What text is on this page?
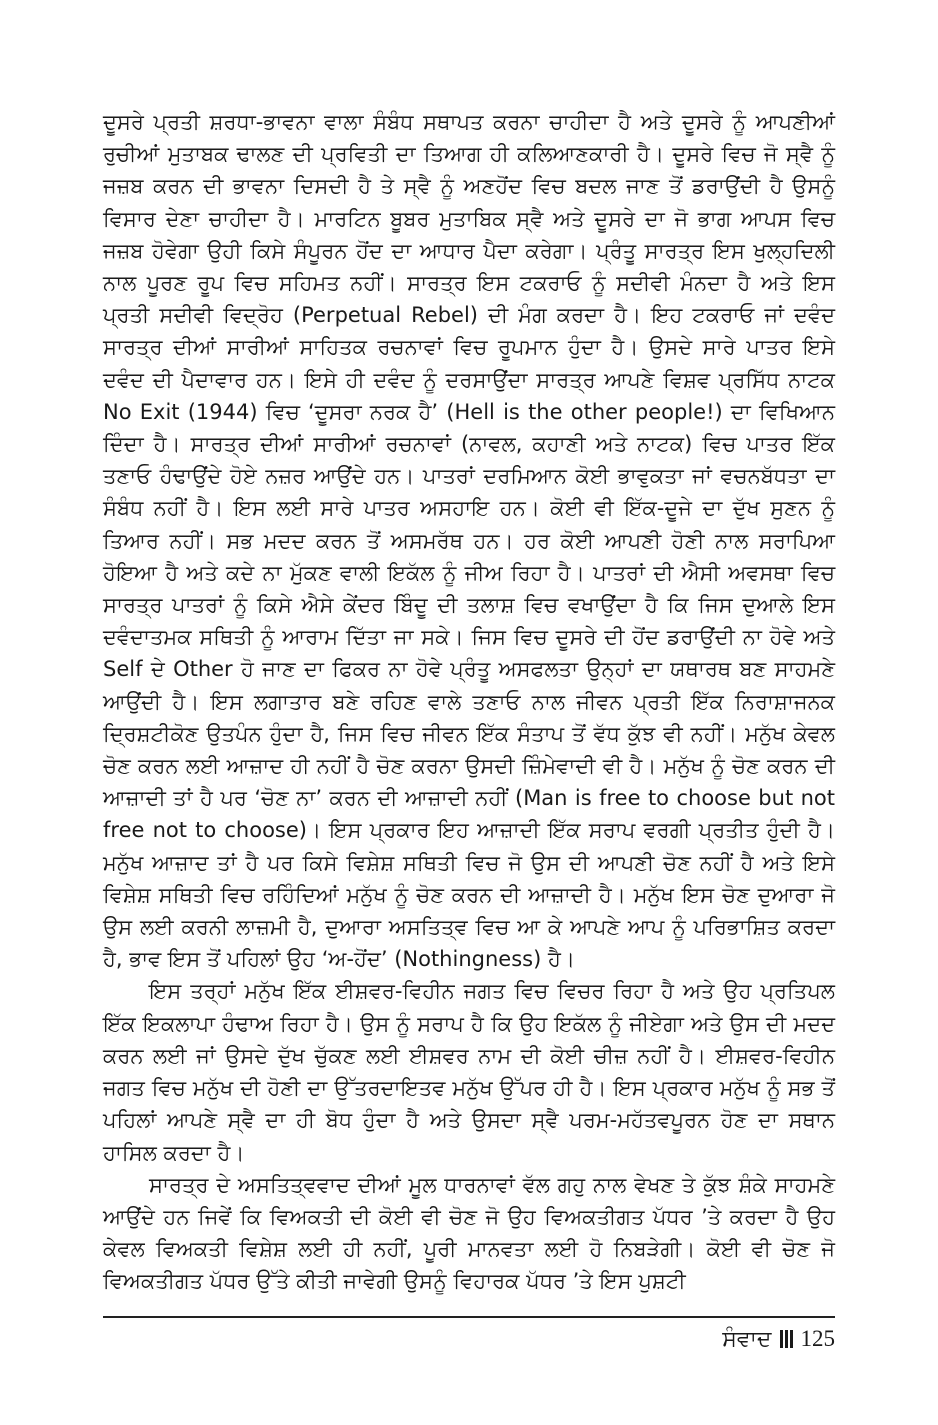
ਦੂਸਰੇ ਪ੍ਰਤੀ ਸ਼ਰਧਾ-ਭਾਵਨਾ ਵਾਲਾ ਸੰਬੰਧ ਸਥਾਪਤ ਕਰਨਾ ਚਾਹੀਦਾ ਹੈ ਅਤੇ ਦੂਸਰੇ ਨੂੰ ਆਪਣੀਆਂ ਰੁਚੀਆਂ ਮੁਤਾਬਕ ਢਾਲਣ ਦੀ ਪ੍ਰਵਿਤੀ ਦਾ ਤਿਆਗ ਹੀ ਕਲਿਆਣਕਾਰੀ ਹੈ। ਦੂਸਰੇ ਵਿਚ ਜੋ ਸ੍ਵੈ ਨੂੰ ਜਜ਼ਬ ਕਰਨ ਦੀ ਭਾਵਨਾ ਦਿਸਦੀ ਹੈ ਤੇ ਸ੍ਵੈ ਨੂੰ ਅਣਹੋਂਦ ਵਿਚ ਬਦਲ ਜਾਣ ਤੋਂ ਡਰਾਉਂਦੀ ਹੈ ਉਸਨੂੰ ਵਿਸਾਰ ਦੇਣਾ ਚਾਹੀਦਾ ਹੈ। ਮਾਰਟਿਨ ਬੂਬਰ ਮੁਤਾਬਿਕ ਸ੍ਵੈ ਅਤੇ ਦੂਸਰੇ ਦਾ ਜੋ ਭਾਗ ਆਪਸ ਵਿਚ ਜਜ਼ਬ ਹੋਵੇਗਾ ਉਹੀ ਕਿਸੇ ਸੰਪੂਰਨ ਹੋਂਦ ਦਾ ਆਧਾਰ ਪੈਦਾ ਕਰੇਗਾ। ਪ੍ਰੰਤੂ ਸਾਰਤ੍ਰ ਇਸ ਖੁਲ੍ਹਦਿਲੀ ਨਾਲ ਪੂਰਣ ਰੂਪ ਵਿਚ ਸਹਿਮਤ ਨਹੀਂ। ਸਾਰਤ੍ਰ ਇਸ ਟਕਰਾਓ ਨੂੰ ਸਦੀਵੀ ਮੰਨਦਾ ਹੈ ਅਤੇ ਇਸ ਪ੍ਰਤੀ ਸਦੀਵੀ ਵਿਦ੍ਰੋਹ (Perpetual Rebel) ਦੀ ਮੰਗ ਕਰਦਾ ਹੈ। ਇਹ ਟਕਰਾਓ ਜਾਂ ਦਵੰਦ ਸਾਰਤ੍ਰ ਦੀਆਂ ਸਾਰੀਆਂ ਸਾਹਿਤਕ ਰਚਨਾਵਾਂ ਵਿਚ ਰੂਪਮਾਨ ਹੁੰਦਾ ਹੈ। ਉਸਦੇ ਸਾਰੇ ਪਾਤਰ ਇਸੇ ਦਵੰਦ ਦੀ ਪੈਦਾਵਾਰ ਹਨ। ਇਸੇ ਹੀ ਦਵੰਦ ਨੂੰ ਦਰਸਾਉਂਦਾ ਸਾਰਤ੍ਰ ਆਪਣੇ ਵਿਸ਼ਵ ਪ੍ਰਸਿੱਧ ਨਾਟਕ No Exit (1944) ਵਿਚ ‘ਦੂਸਰਾ ਨਰਕ ਹੈ’ (Hell is the other people!) ਦਾ ਵਿਖਿਆਨ ਦਿੰਦਾ ਹੈ। ਸਾਰਤ੍ਰ ਦੀਆਂ ਸਾਰੀਆਂ ਰਚਨਾਵਾਂ (ਨਾਵਲ, ਕਹਾਣੀ ਅਤੇ ਨਾਟਕ) ਵਿਚ ਪਾਤਰ ਇੱਕ ਤਣਾਓ ਹੰਢਾਉਂਦੇ ਹੋਏ ਨਜ਼ਰ ਆਉਂਦੇ ਹਨ। ਪਾਤਰਾਂ ਦਰਮਿਆਨ ਕੋਈ ਭਾਵੁਕਤਾ ਜਾਂ ਵਚਨਬੱਧਤਾ ਦਾ ਸੰਬੰਧ ਨਹੀਂ ਹੈ। ਇਸ ਲਈ ਸਾਰੇ ਪਾਤਰ ਅਸਹਾਇ ਹਨ। ਕੋਈ ਵੀ ਇੱਕ-ਦੂਜੇ ਦਾ ਦੁੱਖ ਸੁਣਨ ਨੂੰ ਤਿਆਰ ਨਹੀਂ। ਸਭ ਮਦਦ ਕਰਨ ਤੋਂ ਅਸਮਰੱਥ ਹਨ। ਹਰ ਕੋਈ ਆਪਣੀ ਹੋਣੀ ਨਾਲ ਸਰਾਪਿਆ ਹੋਇਆ ਹੈ ਅਤੇ ਕਦੇ ਨਾ ਮੁੱਕਣ ਵਾਲੀ ਇਕੱਲ ਨੂੰ ਜੀਅ ਰਿਹਾ ਹੈ। ਪਾਤਰਾਂ ਦੀ ਐਸੀ ਅਵਸਥਾ ਵਿਚ ਸਾਰਤ੍ਰ ਪਾਤਰਾਂ ਨੂੰ ਕਿਸੇ ਐਸੇ ਕੇਂਦਰ ਬਿੰਦੂ ਦੀ ਤਲਾਸ਼ ਵਿਚ ਵਖਾਉਂਦਾ ਹੈ ਕਿ ਜਿਸ ਦੁਆਲੇ ਇਸ ਦਵੰਦਾਤਮਕ ਸਥਿਤੀ ਨੂੰ ਆਰਾਮ ਦਿੱਤਾ ਜਾ ਸਕੇ। ਜਿਸ ਵਿਚ ਦੂਸਰੇ ਦੀ ਹੋਂਦ ਡਰਾਉਂਦੀ ਨਾ ਹੋਵੇ ਅਤੇ Self ਦੇ Other ਹੋ ਜਾਣ ਦਾ ਫਿਕਰ ਨਾ ਹੋਵੇ ਪ੍ਰੰਤੂ ਅਸਫਲਤਾ ਉਨ੍ਹਾਂ ਦਾ ਯਥਾਰਥ ਬਣ ਸਾਹਮਣੇ ਆਉਂਦੀ ਹੈ। ਇਸ ਲਗਾਤਾਰ ਬਣੇ ਰਹਿਣ ਵਾਲੇ ਤਣਾਓ ਨਾਲ ਜੀਵਨ ਪ੍ਰਤੀ ਇੱਕ ਨਿਰਾਸ਼ਾਜਨਕ ਦ੍ਰਿਸ਼ਟੀਕੋਣ ਉਤਪੰਨ ਹੁੰਦਾ ਹੈ, ਜਿਸ ਵਿਚ ਜੀਵਨ ਇੱਕ ਸੰਤਾਪ ਤੋਂ ਵੱਧ ਕੁੱਝ ਵੀ ਨਹੀਂ। ਮਨੁੱਖ ਕੇਵਲ ਚੋਣ ਕਰਨ ਲਈ ਆਜ਼ਾਦ ਹੀ ਨਹੀਂ ਹੈ ਚੋਣ ਕਰਨਾ ਉਸਦੀ ਜ਼ਿੰਮੇਵਾਦੀ ਵੀ ਹੈ। ਮਨੁੱਖ ਨੂੰ ਚੋਣ ਕਰਨ ਦੀ ਆਜ਼ਾਦੀ ਤਾਂ ਹੈ ਪਰ ‘ਚੋਣ ਨਾ’ ਕਰਨ ਦੀ ਆਜ਼ਾਦੀ ਨਹੀਂ (Man is free to choose but not free not to choose)। ਇਸ ਪ੍ਰਕਾਰ ਇਹ ਆਜ਼ਾਦੀ ਇੱਕ ਸਰਾਪ ਵਰਗੀ ਪ੍ਰਤੀਤ ਹੁੰਦੀ ਹੈ। ਮਨੁੱਖ ਆਜ਼ਾਦ ਤਾਂ ਹੈ ਪਰ ਕਿਸੇ ਵਿਸ਼ੇਸ਼ ਸਥਿਤੀ ਵਿਚ ਜੋ ਉਸ ਦੀ ਆਪਣੀ ਚੋਣ ਨਹੀਂ ਹੈ ਅਤੇ ਇਸੇ ਵਿਸ਼ੇਸ਼ ਸਥਿਤੀ ਵਿਚ ਰਹਿੰਦਿਆਂ ਮਨੁੱਖ ਨੂੰ ਚੋਣ ਕਰਨ ਦੀ ਆਜ਼ਾਦੀ ਹੈ। ਮਨੁੱਖ ਇਸ ਚੋਣ ਦੁਆਰਾ ਜੋ ਉਸ ਲਈ ਕਰਨੀ ਲਾਜ਼ਮੀ ਹੈ, ਦੁਆਰਾ ਅਸਤਿਤ੍ਵ ਵਿਚ ਆ ਕੇ ਆਪਣੇ ਆਪ ਨੂੰ ਪਰਿਭਾਸ਼ਿਤ ਕਰਦਾ ਹੈ, ਭਾਵ ਇਸ ਤੋਂ ਪਹਿਲਾਂ ਉਹ ‘ਅ-ਹੋਂਦ’ (Nothingness) ਹੈ।

ਇਸ ਤਰ੍ਹਾਂ ਮਨੁੱਖ ਇੱਕ ਈਸ਼ਵਰ-ਵਿਹੀਨ ਜਗਤ ਵਿਚ ਵਿਚਰ ਰਿਹਾ ਹੈ ਅਤੇ ਉਹ ਪ੍ਰਤਿਪਲ ਇੱਕ ਇਕਲਾਪਾ ਹੰਢਾਅ ਰਿਹਾ ਹੈ। ਉਸ ਨੂੰ ਸਰਾਪ ਹੈ ਕਿ ਉਹ ਇਕੱਲ ਨੂੰ ਜੀਏਗਾ ਅਤੇ ਉਸ ਦੀ ਮਦਦ ਕਰਨ ਲਈ ਜਾਂ ਉਸਦੇ ਦੁੱਖ ਚੁੱਕਣ ਲਈ ਈਸ਼ਵਰ ਨਾਮ ਦੀ ਕੋਈ ਚੀਜ਼ ਨਹੀਂ ਹੈ। ਈਸ਼ਵਰ-ਵਿਹੀਨ ਜਗਤ ਵਿਚ ਮਨੁੱਖ ਦੀ ਹੋਣੀ ਦਾ ਉੱਤਰਦਾਇਤਵ ਮਨੁੱਖ ਉੱਪਰ ਹੀ ਹੈ। ਇਸ ਪ੍ਰਕਾਰ ਮਨੁੱਖ ਨੂੰ ਸਭ ਤੋਂ ਪਹਿਲਾਂ ਆਪਣੇ ਸ੍ਵੈ ਦਾ ਹੀ ਬੋਧ ਹੁੰਦਾ ਹੈ ਅਤੇ ਉਸਦਾ ਸ੍ਵੈ ਪਰਮ-ਮਹੱਤਵਪੂਰਨ ਹੋਣ ਦਾ ਸਥਾਨ ਹਾਸਿਲ ਕਰਦਾ ਹੈ।

ਸਾਰਤ੍ਰ ਦੇ ਅਸਤਿਤ੍ਵਵਾਦ ਦੀਆਂ ਮੂਲ ਧਾਰਨਾਵਾਂ ਵੱਲ ਗਹੁ ਨਾਲ ਵੇਖਣ ਤੇ ਕੁੱਝ ਸ਼ੰਕੇ ਸਾਹਮਣੇ ਆਉਂਦੇ ਹਨ ਜਿਵੇਂ ਕਿ ਵਿਅਕਤੀ ਦੀ ਕੋਈ ਵੀ ਚੋਣ ਜੋ ਉਹ ਵਿਅਕਤੀਗਤ ਪੱਧਰ ’ਤੇ ਕਰਦਾ ਹੈ ਉਹ ਕੇਵਲ ਵਿਅਕਤੀ ਵਿਸ਼ੇਸ਼ ਲਈ ਹੀ ਨਹੀਂ, ਪੂਰੀ ਮਾਨਵਤਾ ਲਈ ਹੋ ਨਿਬੜੇਗੀ। ਕੋਈ ਵੀ ਚੋਣ ਜੋ ਵਿਅਕਤੀਗਤ ਪੱਧਰ ਉੱਤੇ ਕੀਤੀ ਜਾਵੇਗੀ ਉਸਨੂੰ ਵਿਹਾਰਕ ਪੱਧਰ ’ਤੇ ਇਸ ਪੁਸ਼ਟੀ

ਸੰਵਾਦ 125
